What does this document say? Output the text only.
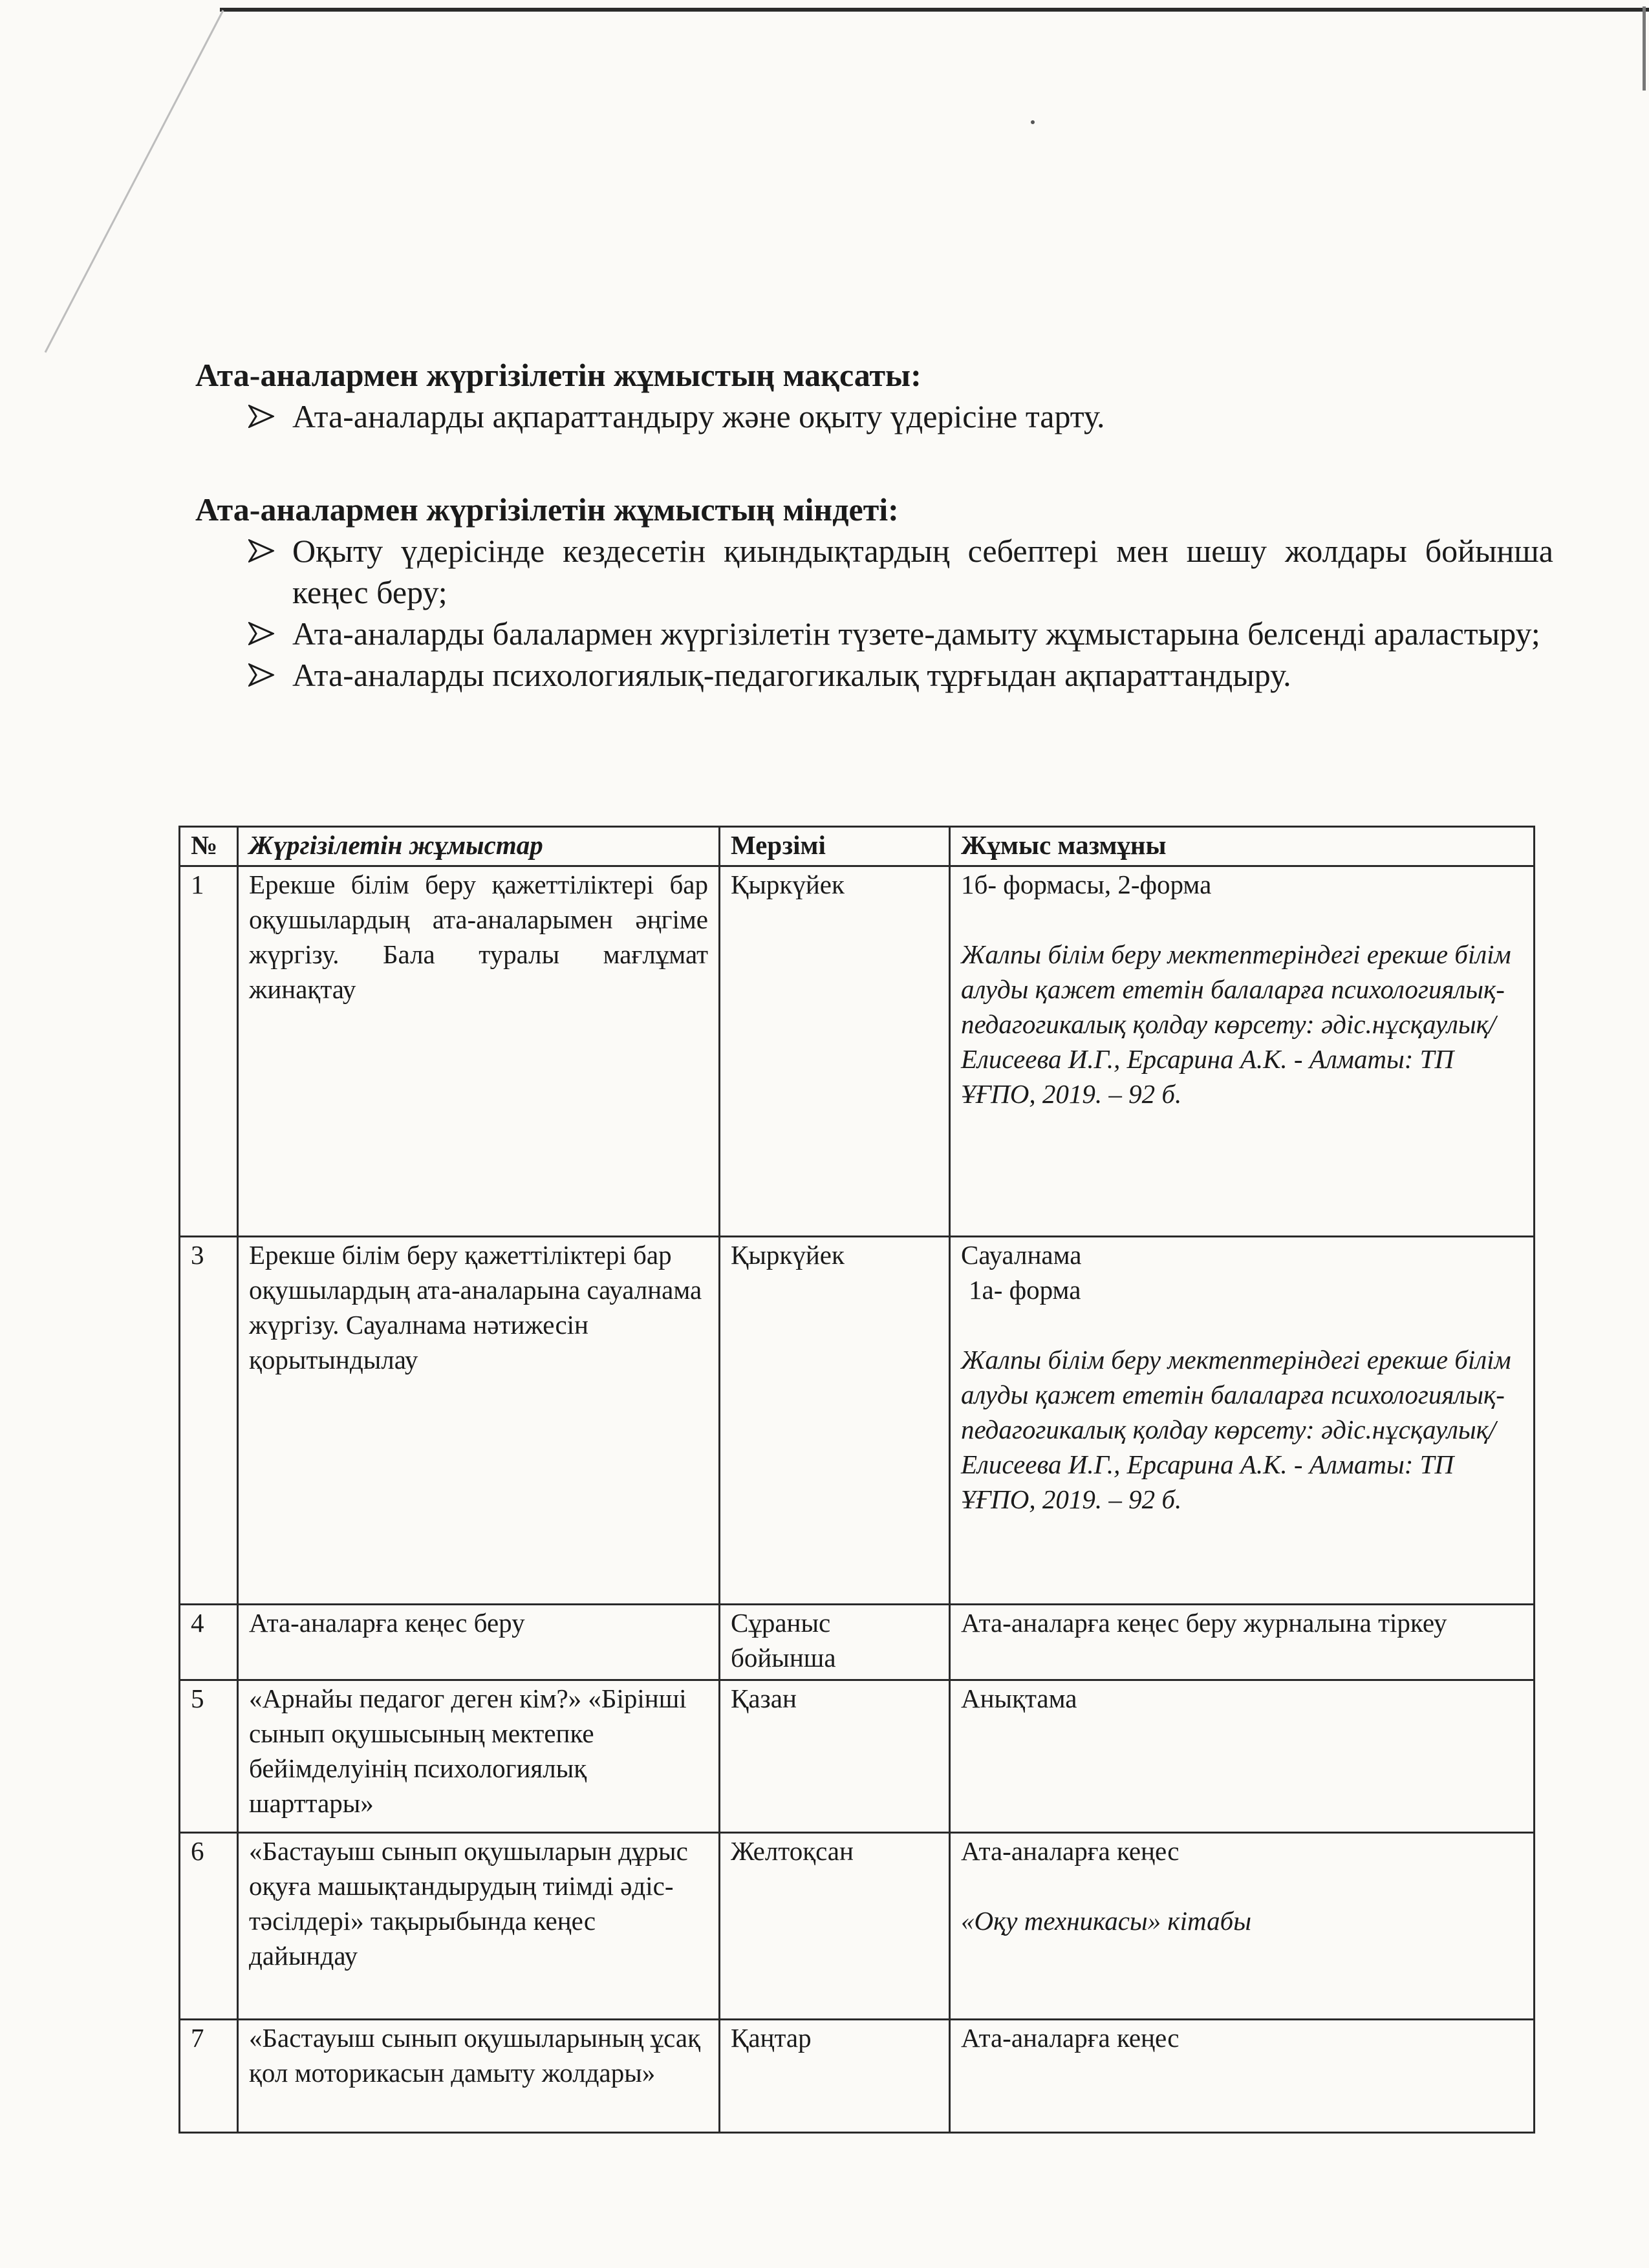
Ата-аналармен жүргізілетін жұмыстың мақсаты:

Ата-аналарды ақпараттандыру және оқыту үдерісіне тарту.

Ата-аналармен жүргізілетін жұмыстың міндеті:

Оқыту үдерісінде кездесетін қиындықтардың себептері мен шешу жолдары бойынша кеңес беру;
Ата-аналарды балалармен жүргізілетін түзете-дамыту жұмыстарына белсенді араластыру;
Ата-аналарды психологиялық-педагогикалық тұрғыдан ақпараттандыру.
№	Жүргізілетін жұмыстар	Мерзімі	Жұмыс мазмұны
1	Ерекше білім беру қажеттіліктері бар оқушылардың ата-аналарымен әңгіме жүргізу. Бала туралы мағлұмат жинақтау	Қыркүйек	1б- формасы, 2-форма
Жалпы білім беру мектептеріндегі ерекше білім алуды қажет ететін балаларға психологиялық-педагогикалық қолдау көрсету: әдіс.нұсқаулық/ Елисеева И.Г., Ерсарина А.К. - Алматы: ТП ҰҒПО, 2019. – 92 б.

3	Ерекше білім беру қажеттіліктері бар оқушылардың ата-аналарына сауалнама жүргізу. Сауалнама нәтижесін қорытындылау	Қыркүйек	Сауалнама
1а- форма
Жалпы білім беру мектептеріндегі ерекше білім алуды қажет ететін балаларға психологиялық-педагогикалық қолдау көрсету: әдіс.нұсқаулық/ Елисеева И.Г., Ерсарина А.К. - Алматы: ТП ҰҒПО, 2019. – 92 б.

4	Ата-аналарға кеңес беру	Сұраныс бойынша	Ата-аналарға кеңес беру журналына тіркеу
5	«Арнайы педагог деген кім?» «Бірінші сынып оқушысының мектепке бейімделуінің психологиялық шарттары»	Қазан	Анықтама
6	«Бастауыш сынып оқушыларын дұрыс оқуға машықтандырудың тиімді әдіс-тәсілдері» тақырыбында кеңес дайындау	Желтоқсан	Ата-аналарға кеңес
«Оқу техникасы» кітабы

7	«Бастауыш сынып оқушыларының ұсақ қол моторикасын дамыту жолдары»	Қаңтар	Ата-аналарға кеңес
